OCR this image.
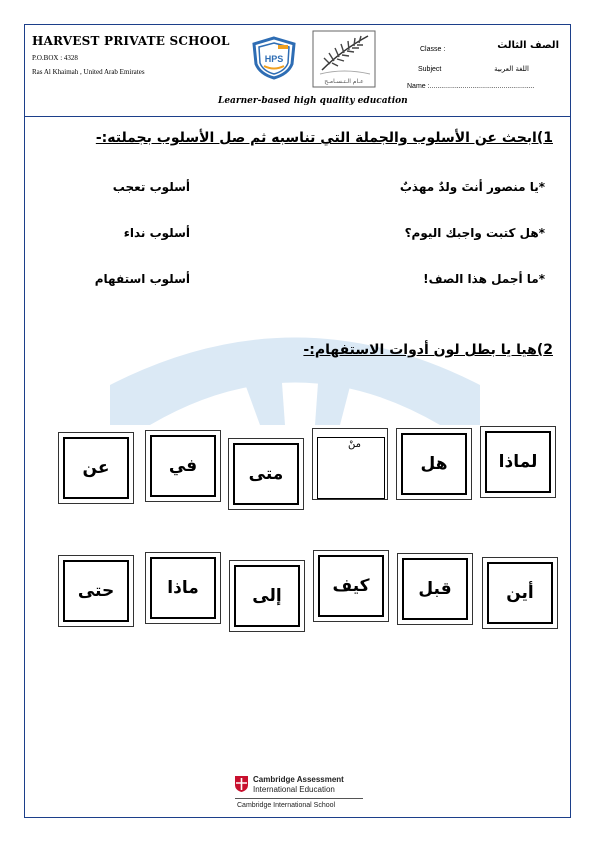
HARVEST PRIVATE SCHOOL
P.O.BOX : 4328
Ras Al Khaimah , United Arab Emirates
HPS
عـام الـتـسـامـح
Classe :	الصف الثالث
Subject	اللغة العربية
Name :......................................................
Learner-based high quality education
1)ابحث عن الأسلوب والجملة التي تناسبه ثم صل الأسلوب بجملته:-
*يا منصور أنتَ ولدٌ مهذبٌ
*هل كتبت واجبك اليوم؟
*ما أجمل هذا الصف!
أسلوب تعجب
أسلوب نداء
أسلوب استفهام
2)هيا يا بطل لون أدوات الاستفهام:-
لماذا
هل
منْ
متى
في
عن
أين
قبل
كيف
إلى
ماذا
حتى
Cambridge Assessment
International Education
Cambridge International School
